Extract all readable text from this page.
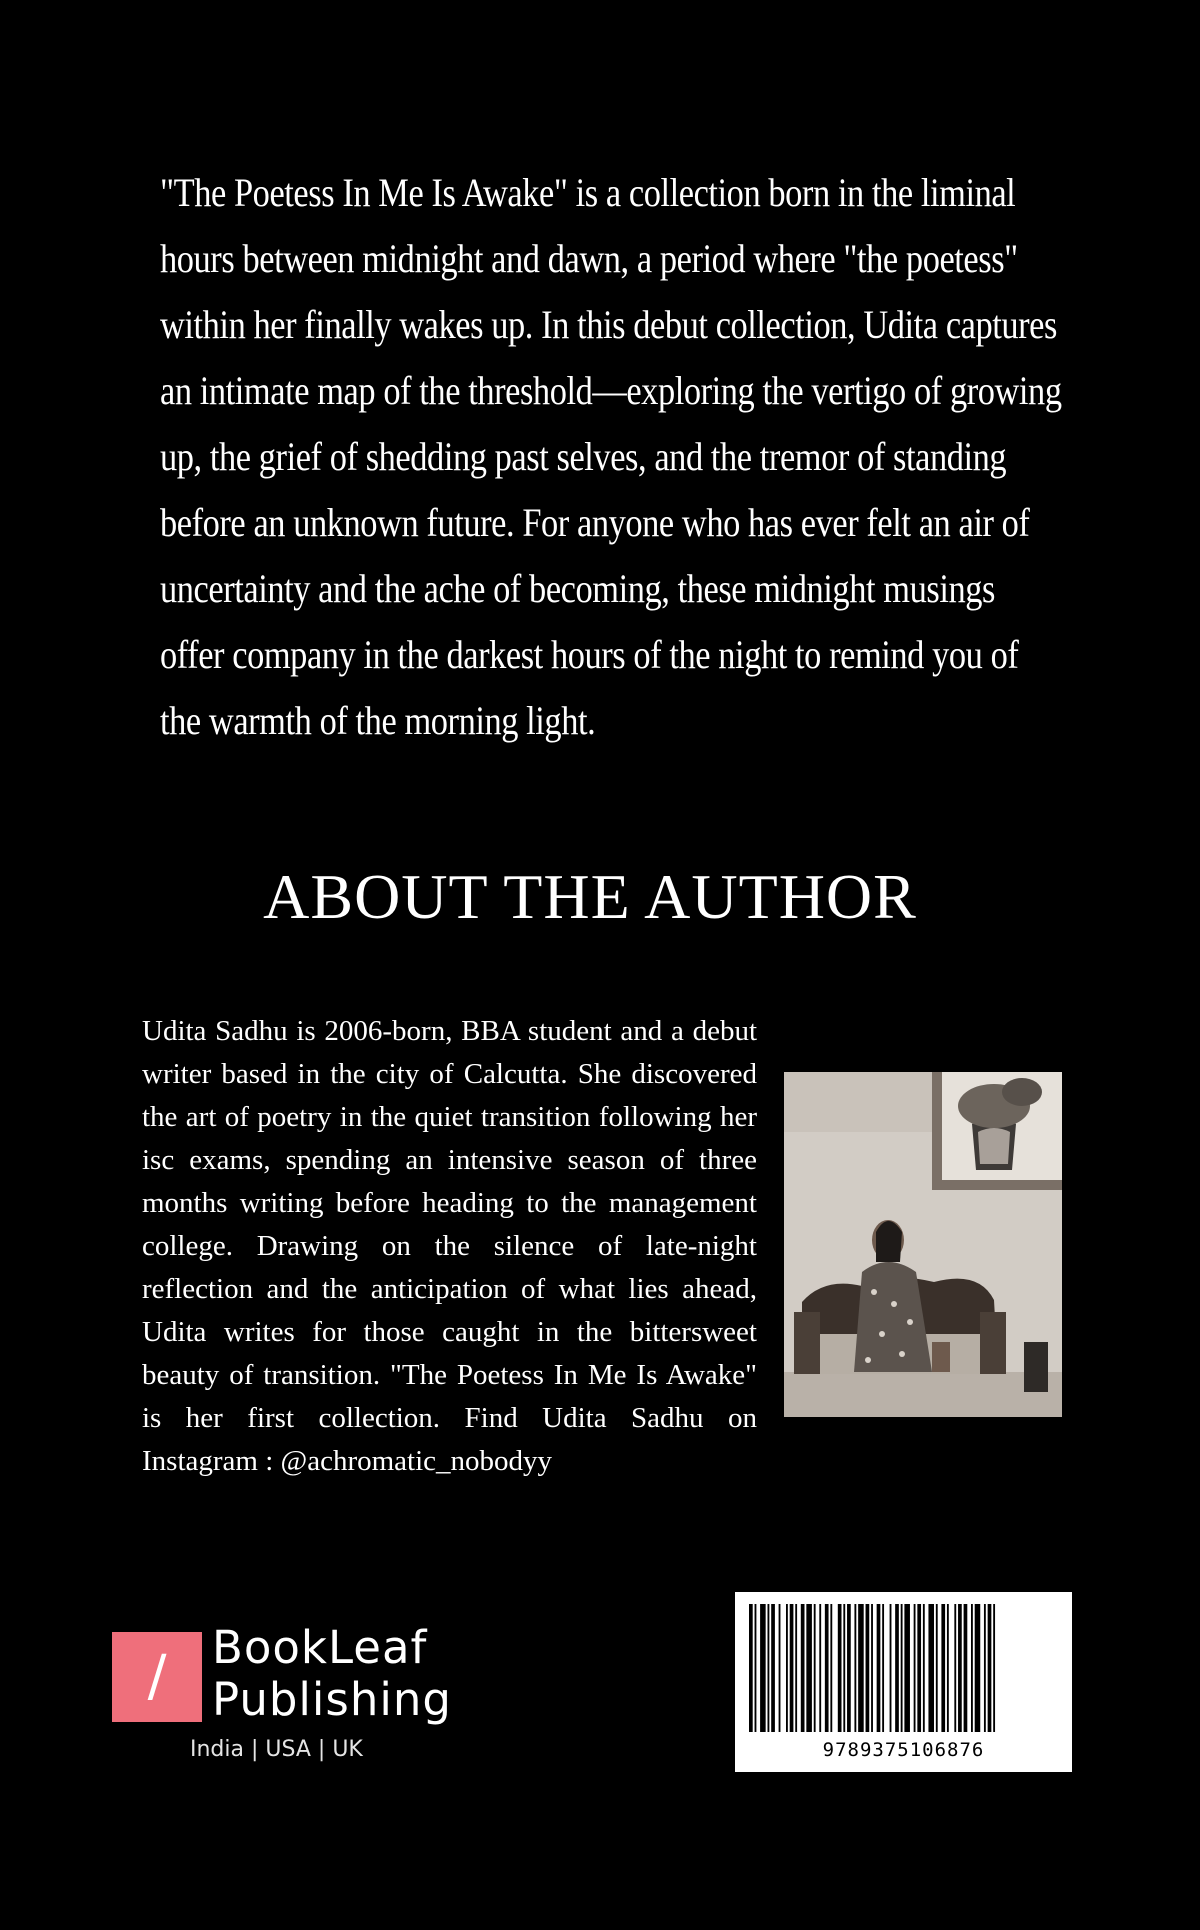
"The Poetess In Me Is Awake" is a collection born in the liminal hours between midnight and dawn, a period where "the poetess" within her finally wakes up. In this debut collection, Udita captures an intimate map of the threshold—exploring the vertigo of growing up, the grief of shedding past selves, and the tremor of standing before an unknown future. For anyone who has ever felt an air of uncertainty and the ache of becoming, these midnight musings offer company in the darkest hours of the night to remind you of the warmth of the morning light.
ABOUT THE AUTHOR
Udita Sadhu is 2006-born, BBA student and a debut writer based in the city of Calcutta. She discovered the art of poetry in the quiet transition following her isc exams, spending an intensive season of three months writing before heading to the management college. Drawing on the silence of late-night reflection and the anticipation of what lies ahead, Udita writes for those caught in the bittersweet beauty of transition. "The Poetess In Me Is Awake" is her first collection. Find Udita Sadhu on Instagram : @achromatic_nobodyy
/	BookLeaf
Publishing
India | USA | UK	9789375106876
